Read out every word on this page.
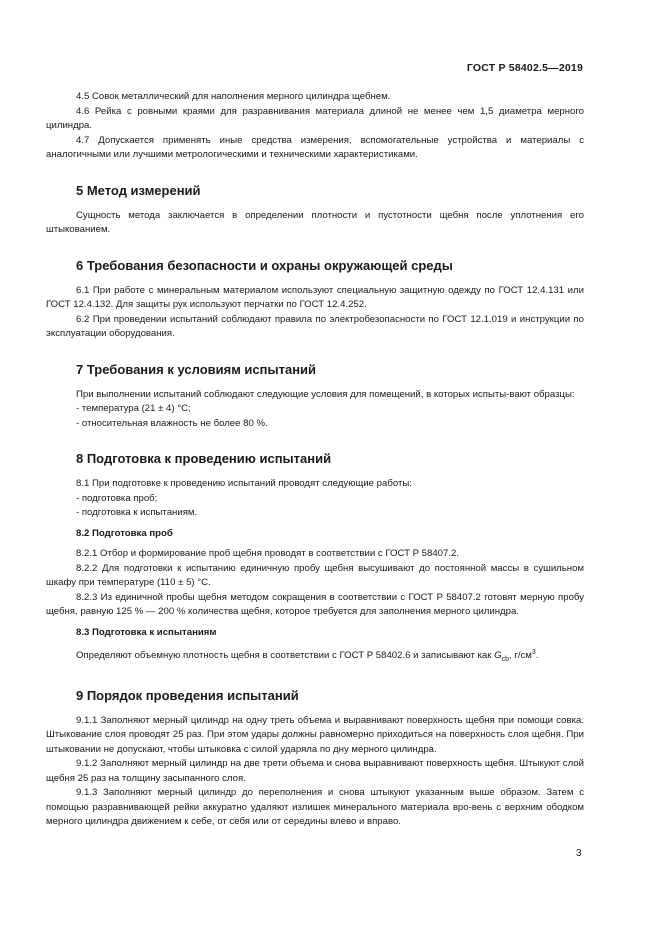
ГОСТ Р 58402.5—2019

4.5 Совок металлический для наполнения мерного цилиндра щебнем.

4.6 Рейка с ровными краями для разравнивания материала длиной не менее чем 1,5 диаметра мерного цилиндра.

4.7 Допускается применять иные средства измерения, вспомогательные устройства и материалы с аналогичными или лучшими метрологическими и техническими характеристиками.

5 Метод измерений

Сущность метода заключается в определении плотности и пустотности щебня после уплотнения его штыкованием.

6 Требования безопасности и охраны окружающей среды

6.1 При работе с минеральным материалом используют специальную защитную одежду по ГОСТ 12.4.131 или ГОСТ 12.4.132. Для защиты рук используют перчатки по ГОСТ 12.4.252.

6.2 При проведении испытаний соблюдают правила по электробезопасности по ГОСТ 12.1.019 и инструкции по эксплуатации оборудования.

7 Требования к условиям испытаний

При выполнении испытаний соблюдают следующие условия для помещений, в которых испыты-вают образцы:

- температура (21 ± 4) °С;

- относительная влажность не более 80 %.

8 Подготовка к проведению испытаний

8.1 При подготовке к проведению испытаний проводят следующие работы:

- подготовка проб;

- подготовка к испытаниям.

8.2 Подготовка проб

8.2.1 Отбор и формирование проб щебня проводят в соответствии с ГОСТ Р 58407.2.

8.2.2 Для подготовки к испытанию единичную пробу щебня высушивают до постоянной массы в сушильном шкафу при температуре (110 ± 5) °С.

8.2.3 Из единичной пробы щебня методом сокращения в соответствии с ГОСТ Р 58407.2 готовят мерную пробу щебня, равную 125 % — 200 % количества щебня, которое требуется для заполнения мерного цилиндра.

8.3 Подготовка к испытаниям

Определяют объемную плотность щебня в соответствии с ГОСТ Р 58402.6 и записывают как $G_{cb}$, $г/см^3$.

9 Порядок проведения испытаний

9.1.1 Заполняют мерный цилиндр на одну треть объема и выравнивают поверхность щебня при помощи совка. Штыкование слоя проводят 25 раз. При этом удары должны равномерно приходиться на поверхность слоя щебня. При штыковании не допускают, чтобы штыковка с силой ударяла по дну мерного цилиндра.

9.1.2 Заполняют мерный цилиндр на две трети объема и снова выравнивают поверхность щебня. Штыкуют слой щебня 25 раз на толщину засыпанного слоя.

9.1.3 Заполняют мерный цилиндр до переполнения и снова штыкуют указанным выше образом. Затем с помощью разравнивающей рейки аккуратно удаляют излишек минерального материала вро-вень с верхним ободком мерного цилиндра движением к себе, от себя или от середины влево и вправо.

3
